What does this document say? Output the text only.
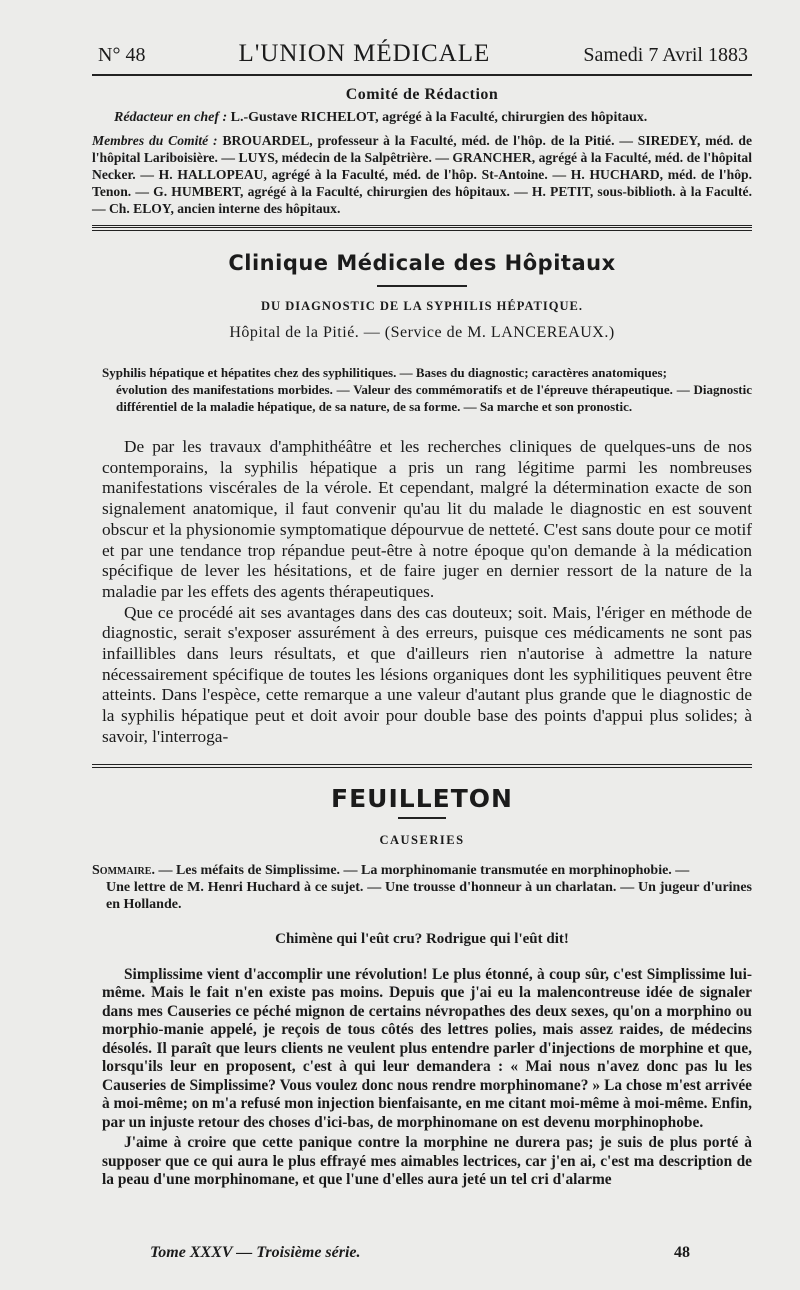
N° 48	L'UNION MÉDICALE	Samedi 7 Avril 1883
Comité de Rédaction
Rédacteur en chef : L.-Gustave RICHELOT, agrégé à la Faculté, chirurgien des hôpitaux.
Membres du Comité : BROUARDEL, professeur à la Faculté, méd. de l'hôp. de la Pitié. — SIREDEY, méd. de l'hôpital Lariboisière. — LUYS, médecin de la Salpêtrière. — GRANCHER, agrégé à la Faculté, méd. de l'hôpital Necker. — H. HALLOPEAU, agrégé à la Faculté, méd. de l'hôp. St-Antoine. — H. HUCHARD, méd. de l'hôp. Tenon. — G. HUMBERT, agrégé à la Faculté, chirurgien des hôpitaux. — H. PETIT, sous-biblioth. à la Faculté. — Ch. ELOY, ancien interne des hôpitaux.
Clinique Médicale des Hôpitaux
DU DIAGNOSTIC DE LA SYPHILIS HÉPATIQUE.
Hôpital de la Pitié. — (Service de M. LANCEREAUX.)
Syphilis hépatique et hépatites chez des syphilitiques. — Bases du diagnostic; caractères anatomiques;
évolution des manifestations morbides. — Valeur des commémoratifs et de l'épreuve thérapeutique. — Diagnostic différentiel de la maladie hépatique, de sa nature, de sa forme. — Sa marche et son pronostic.

De par les travaux d'amphithéâtre et les recherches cliniques de quelques-uns de nos contemporains, la syphilis hépatique a pris un rang légitime parmi les nombreuses manifestations viscérales de la vérole. Et cependant, malgré la détermination exacte de son signalement anatomique, il faut convenir qu'au lit du malade le diagnostic en est souvent obscur et la physionomie symptomatique dépourvue de netteté. C'est sans doute pour ce motif et par une tendance trop répandue peut-être à notre époque qu'on demande à la médication spécifique de lever les hésitations, et de faire juger en dernier ressort de la nature de la maladie par les effets des agents thérapeutiques.

Que ce procédé ait ses avantages dans des cas douteux; soit. Mais, l'ériger en méthode de diagnostic, serait s'exposer assurément à des erreurs, puisque ces médicaments ne sont pas infaillibles dans leurs résultats, et que d'ailleurs rien n'autorise à admettre la nature nécessairement spécifique de toutes les lésions organiques dont les syphilitiques peuvent être atteints. Dans l'espèce, cette remarque a une valeur d'autant plus grande que le diagnostic de la syphilis hépatique peut et doit avoir pour double base des points d'appui plus solides; à savoir, l'interroga-

FEUILLETON
CAUSERIES
Sommaire. — Les méfaits de Simplissime. — La morphinomanie transmutée en morphinophobie. —
Une lettre de M. Henri Huchard à ce sujet. — Une trousse d'honneur à un charlatan. — Un jugeur d'urines en Hollande.
Chimène qui l'eût cru? Rodrigue qui l'eût dit!

Simplissime vient d'accomplir une révolution! Le plus étonné, à coup sûr, c'est Simplissime lui-même. Mais le fait n'en existe pas moins. Depuis que j'ai eu la malencontreuse idée de signaler dans mes Causeries ce péché mignon de certains névropathes des deux sexes, qu'on a morphino ou morphio-manie appelé, je reçois de tous côtés des lettres polies, mais assez raides, de médecins désolés. Il paraît que leurs clients ne veulent plus entendre parler d'injections de morphine et que, lorsqu'ils leur en proposent, c'est à qui leur demandera : « Mai nous n'avez donc pas lu les Causeries de Simplissime? Vous voulez donc nous rendre morphinomane? » La chose m'est arrivée à moi-même; on m'a refusé mon injection bienfaisante, en me citant moi-même à moi-même. Enfin, par un injuste retour des choses d'ici-bas, de morphinomane on est devenu morphinophobe.

J'aime à croire que cette panique contre la morphine ne durera pas; je suis de plus porté à supposer que ce qui aura le plus effrayé mes aimables lectrices, car j'en ai, c'est ma description de la peau d'une morphinomane, et que l'une d'elles aura jeté un tel cri d'alarme

Tome XXXV — Troisième série.	48
